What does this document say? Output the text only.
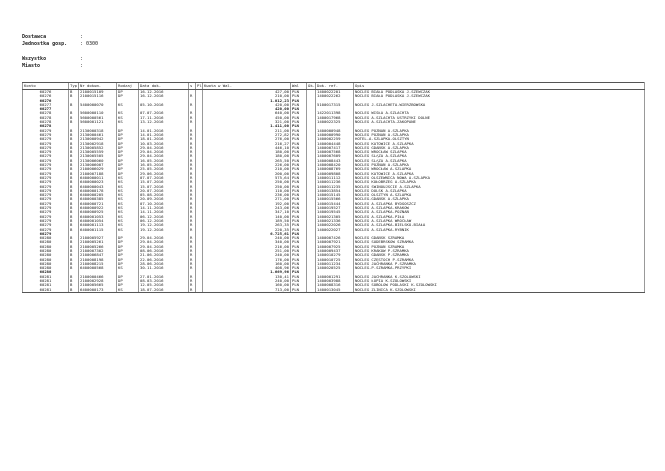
Dostawca	:
Jednostka gosp.	: 0300
Wszystko	:
Miasto	:
Konto	Typ	Nr dokum.	Rodzaj	Data dok.	s	Pl	Kwota w Wal.	Wal	Ok.	Dok. ref.	Opis
60276	B	2100015109	DP	16.12.2016			427,00	PLN		1400022201	NOCLEG BIAŁA PODLASKA J.SZEWCZAK
60276	B	2100015116	DP	16.12.2016	R		210,00	PLN		1400022262	NOCLEG BIAŁA PODLASKA J.SZEWCZAK
60276							1.012,23	PLN			
60277	B	5400000070	KS	05.10.2016	R		420,00	PLN		5100017315	NOCLEG J.SZLACHETA-WIERZBOWSKA
60277							420,00	PLN			
60278	B	5600000110	KS	07.07.2016	R		640,00	PLN		1422011398	NOCLEG WISŁA A.SZLACHTA
60278	B	5600000561	KS	17.11.2016	R		450,00	PLN		1400017968	NOCLEG A.SZLACHTA USTRZYKI DOLNE
60278	B	5600001121	KS	13.12.2016	R		321,00	PLN		1400022325	NOCLEG A.SZLACHTA-ZAKOPANE
60278							1.411,00	PLN			
60279	B	2130000318	DP	14.01.2016	R		211,00	PLN		1400000948	NOCLEG POZNAŃ A.SZLAPKA
60279	B	2130000461	DP	14.01.2016	R		272,82	PLN		1400000990	NOCLEG POZNAŃ A.SZLAPKA
60279	B	2130000942	DP	18.01.2016	R		276,00	PLN		1400002259	HOTEL-A.SZLAPKA-OLSZTYN
60279	B	2130002918	DP	10.03.2016	R		216,27	PLN		1400004448	NOCLEG KATOWICE A.SZLAPKA
60279	B	2130005852	DP	29.04.2016	R		446,10	PLN		1400007417	NOCLEG GDAŃSK A.SZLAPKA
60279	B	2130005559	DP	29.04.2016	R		180,00	PLN		1400007568	NOCLEG WROCŁAW SZLAPKA
60279	B	2130005505	DP	29.04.2016	R		180,00	PLN		1400007609	NOCLEG ŚLĄZA A.SZLAPKA
60279	B	2130006060	DP	16.05.2016	R		265,50	PLN		1400008443	NOCLEG ŚLĄZA A.SZLAPKA
60279	B	2130006007	DP	16.05.2016	R		226,00	PLN		1400008420	NOCLEG POZNAŃ A.SZLAPKA
60279	B	2100006029	DP	25.05.2016	R		210,00	PLN		1400008769	NOCLEG WROCŁAW A.SZLAPKA
60279	B	2100007188	DP	29.06.2016	R		200,00	PLN		1400009808	NOCLEG KATOWICE A.SZLAPKA
60279	B	6400000011	KS	07.07.2016	R		575,64	PLN		1400011112	NOCLEG OLSZEWNICA NOWA A.SZLAPKA
60279	B	6400000023	KS	15.07.2016	R		250,00	PLN		1400011236	NOCLEG KOŁOBRZEG A.SZLAPKA
60279	B	6400000043	KS	15.07.2016	R		250,00	PLN		1400011235	NOCLEG ŚWINOUJŚCIE A.SZLAPKA
60279	B	6400000178	KS	20.07.2016	R		110,00	PLN		1400013854	NOCLEG DOLSK A.SZLAPKA
60279	B	6400000205	KS	05.08.2016	R		236,00	PLN		1400015145	NOCLEG OLSZTYN A.SZLAPKA
60279	B	6400000385	KS	20.09.2016	R		271,00	PLN		1400015566	NOCLEG-GDAŃSK A.SZLAPKA
60279	B	6400000721	KS	07.10.2016	R		192,00	PLN		1400015444	NOCLEG A.SZLAPKA BYDGOSZCZ
60279	B	6400000922	KS	14.11.2016	R		243,06	PLN		1400019527	NOCLEG A.SZLAPKA-KRAKÓW
60279	B	6400000925	KS	14.11.2016	R		347,10	PLN		1400019545	NOCLEG A.SZLAPKA-POZNAŃ
60279	B	6400001053	KS	06.12.2016	R		140,00	PLN		1400021305	NOCLEG A.SZLAPKA-PIŁA
60279	B	6400001054	KS	06.12.2016	R		189,50	PLN		1400021336	NOCLEG A.SZLAPKA WROCŁAW
60279	B	6400001113	KS	19.12.2016	R		263,35	PLN		1400022026	NOCLEG A.SZLAPKA-BIELSKO-BIAŁA
60279	B	6400001115	KS	19.12.2016	R		220,35	PLN		1400022027	NOCLEG A.SZLAPKA-RYBNIK
60279							6.725,61	PLN			
60280	B	2100005927	DP	29.04.2016	R		240,00	PLN		1400007426	NOCLEG GDAŃSK SZRAMKA
60280	B	2100005261	DP	29.04.2016	R		340,00	PLN		1400007921	NOCLEG SUDEBRSKÓW SZRAMKA
60280	B	2100005266	DP	29.04.2016	R		216,00	PLN		1400007925	NOCLEG POZNAŃ SZRAMKA
60280	B	2100007302	DP	08.06.2016	R		251,00	PLN		1400009437	NOCLEG KRAKÓW P.SZRAMKA
60280	B	2100006847	DP	21.06.2016	R		240,00	PLN		1400010279	NOCLEG GDAŃSK P.SZRAMKA
60280	B	2100008198	DP	22.06.2016	R		176,00	PLN		1400010725	NOCLEG CZĘSTOCH P.SZRAMKA
60280	B	2100008215	DP	28.06.2016	R		160,00	PLN		1400011234	NOCLEG JACHRANKA P.SZRAMKA
60280	B	6400000568	KS	30.11.2016	R		408,96	PLN		1400020525	NOCLEG-P.SZRAMKA-PRZYPKI
60280							1.669,96	PLN			
60281	B	2100000466	DP	27.01.2016	R		130,41	PLN		1400001291	NOCLEG JACHRANKA K.SZOLOWSKI
60281	B	2100002928	DP	08.03.2016	R		240,00	PLN		1400003988	NOCLEG ŁOPIA K.SZOLOWSKI
60281	B	2100005665	DP	12.05.2016	R		160,00	PLN		1400008316	NOCLEG SOBOLÓW PODLASKI K.SZOLOWSKI
60281	B	6400000173	KS	18.07.2016	R		713,00	PLN		1400013045	NOCLEG ŻLINICA K.SZOLOWSKI
